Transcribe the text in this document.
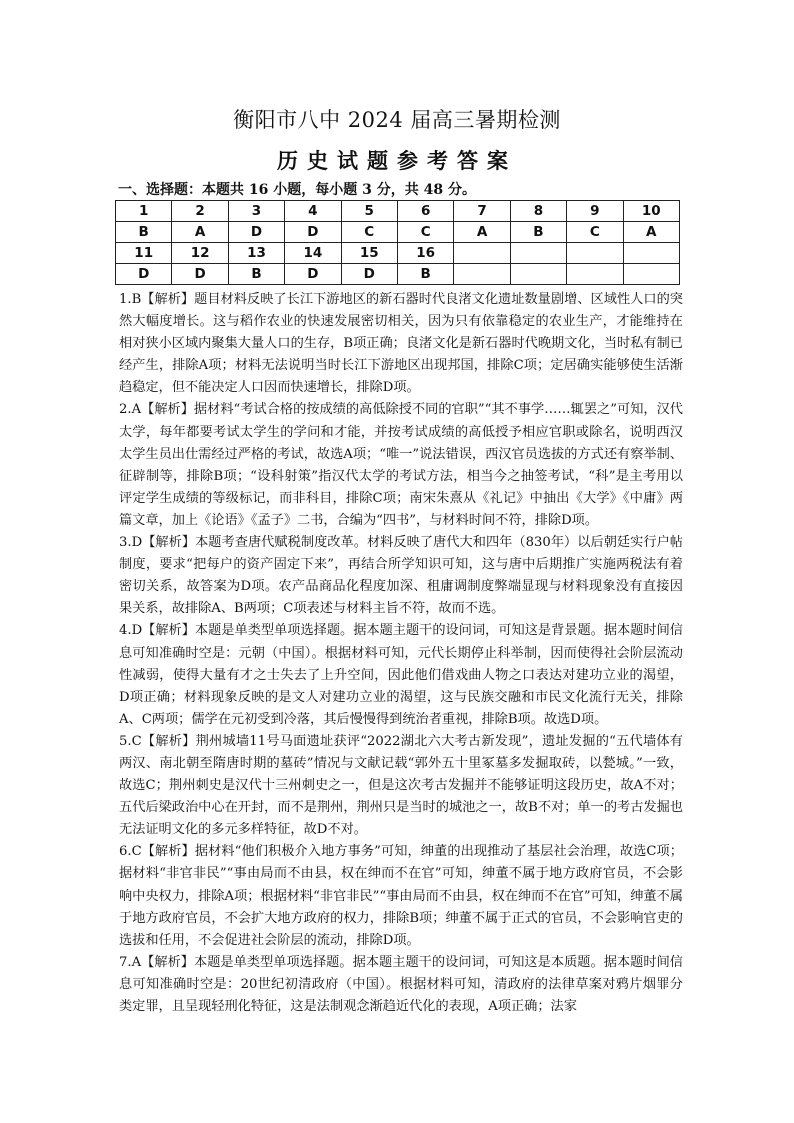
衡阳市八中 2024 届高三暑期检测
历史试题参考答案
一、选择题：本题共 16 小题，每小题 3 分，共 48 分。
1	2	3	4	5	6	7	8	9	10
B	A	D	D	C	C	A	B	C	A
11	12	13	14	15	16				
D	D	B	D	D	B				

1.B【解析】题目材料反映了长江下游地区的新石器时代良渚文化遗址数量剧增、区域性人口的突然大幅度增长。这与稻作农业的快速发展密切相关，因为只有依靠稳定的农业生产，才能维持在相对狭小区域内聚集大量人口的生存，B项正确；良渚文化是新石器时代晚期文化，当时私有制已经产生，排除A项；材料无法说明当时长江下游地区出现邦国，排除C项；定居确实能够使生活渐趋稳定，但不能决定人口因而快速增长，排除D项。

2.A【解析】据材料“考试合格的按成绩的高低除授不同的官职”“其不事学……辄罢之”可知，汉代太学，每年都要考试太学生的学问和才能，并按考试成绩的高低授予相应官职或除名，说明西汉太学生员出仕需经过严格的考试，故选A项；“唯一”说法错误，西汉官员选拔的方式还有察举制、征辟制等，排除B项；“设科射策”指汉代太学的考试方法，相当今之抽签考试，“科”是主考用以评定学生成绩的等级标记，而非科目，排除C项；南宋朱熹从《礼记》中抽出《大学》《中庸》两篇文章，加上《论语》《孟子》二书，合编为“四书”，与材料时间不符，排除D项。

3.D【解析】本题考查唐代赋税制度改革。材料反映了唐代大和四年（830年）以后朝廷实行户帖制度，要求“把每户的资产固定下来”，再结合所学知识可知，这与唐中后期推广实施两税法有着密切关系，故答案为D项。农产品商品化程度加深、租庸调制度弊端显现与材料现象没有直接因果关系，故排除A、B两项；C项表述与材料主旨不符，故而不选。

4.D【解析】本题是单类型单项选择题。据本题主题干的设问词，可知这是背景题。据本题时间信息可知准确时空是：元朝（中国）。根据材料可知，元代长期停止科举制，因而使得社会阶层流动性减弱，使得大量有才之士失去了上升空间，因此他们借戏曲人物之口表达对建功立业的渴望，D项正确；材料现象反映的是文人对建功立业的渴望，这与民族交融和市民文化流行无关，排除A、C两项；儒学在元初受到冷落，其后慢慢得到统治者重视，排除B项。故选D项。

5.C【解析】荆州城墙11号马面遗址获评“2022湖北六大考古新发现”，遗址发掘的“五代墙体有两汉、南北朝至隋唐时期的墓砖”情况与文献记载“郭外五十里冢墓多发掘取砖，以甃城。”一致，故选C；荆州刺史是汉代十三州刺史之一，但是这次考古发掘并不能够证明这段历史，故A不对；五代后梁政治中心在开封，而不是荆州，荆州只是当时的城池之一，故B不对；单一的考古发掘也无法证明文化的多元多样特征，故D不对。

6.C【解析】据材料“他们积极介入地方事务”可知，绅董的出现推动了基层社会治理，故选C项；据材料“非官非民”“事由局而不由县，权在绅而不在官”可知，绅董不属于地方政府官员，不会影响中央权力，排除A项；根据材料“非官非民”“事由局而不由县，权在绅而不在官”可知，绅董不属于地方政府官员，不会扩大地方政府的权力，排除B项；绅董不属于正式的官员，不会影响官吏的选拔和任用，不会促进社会阶层的流动，排除D项。

7.A【解析】本题是单类型单项选择题。据本题主题干的设问词，可知这是本质题。据本题时间信息可知准确时空是：20世纪初清政府（中国）。根据材料可知，清政府的法律草案对鸦片烟罪分类定罪，且呈现轻刑化特征，这是法制观念渐趋近代化的表现，A项正确；法家
